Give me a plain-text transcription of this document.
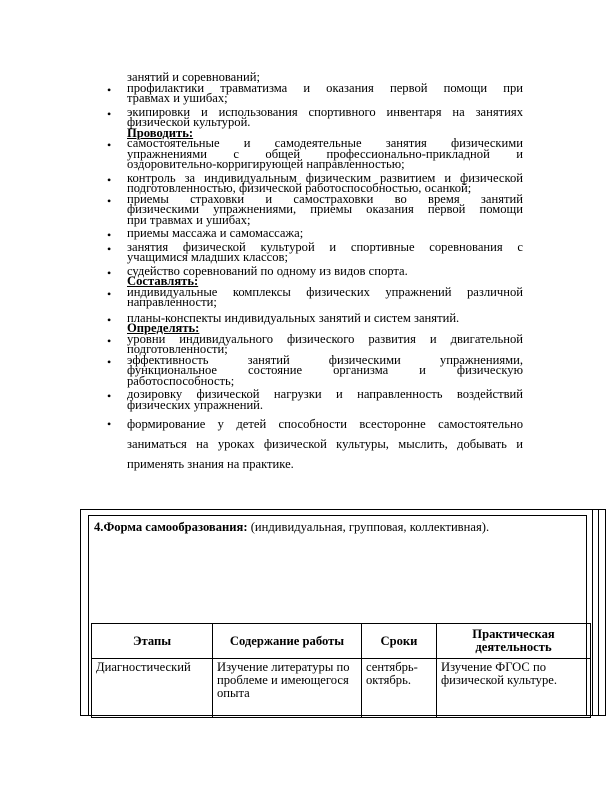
занятий и соревнований;
• профилактики травматизма и оказания первой помощи при
травмах и ушибах;
• экипировки и использования спортивного инвентаря на занятиях
физической культурой.
Проводить:
• самостоятельные и самодеятельные занятия физическими
упражнениями с общей профессионально-прикладной и
оздоровительно-корригирующей направленностью;
• контроль за индивидуальным физическим развитием и физической
подготовленностью, физической работоспособностью, осанкой;
• приемы страховки и самостраховки во время занятий
физическими упражнениями, приемы оказания первой помощи
при травмах и ушибах;
• приемы массажа и самомассажа;
• занятия физической культурой и спортивные соревнования с
учащимися младших классов;
• судейство соревнований по одному из видов спорта.
Составлять:
• индивидуальные комплексы физических упражнений различной
направленности;
• планы-конспекты индивидуальных занятий и систем занятий.
Определять:
• уровни индивидуального физического развития и двигательной
подготовленности;
• эффективность занятий физическими упражнениями,
функциональное состояние организма и физическую
работоспособность;
• дозировку физической нагрузки и направленность воздействий
физических упражнений.
• формирование у детей способности всесторонне самостоятельно
заниматься на уроках физической культуры, мыслить, добывать и
применять знания на практике.
4.Форма самообразования: (индивидуальная, групповая, коллективная).
Этапы	Содержание работы	Сроки	Практическая деятельность
Диагностический	Изучение литературы по проблеме и имеющегося опыта	сентябрь-октябрь.	Изучение ФГОС по физической культуре.
